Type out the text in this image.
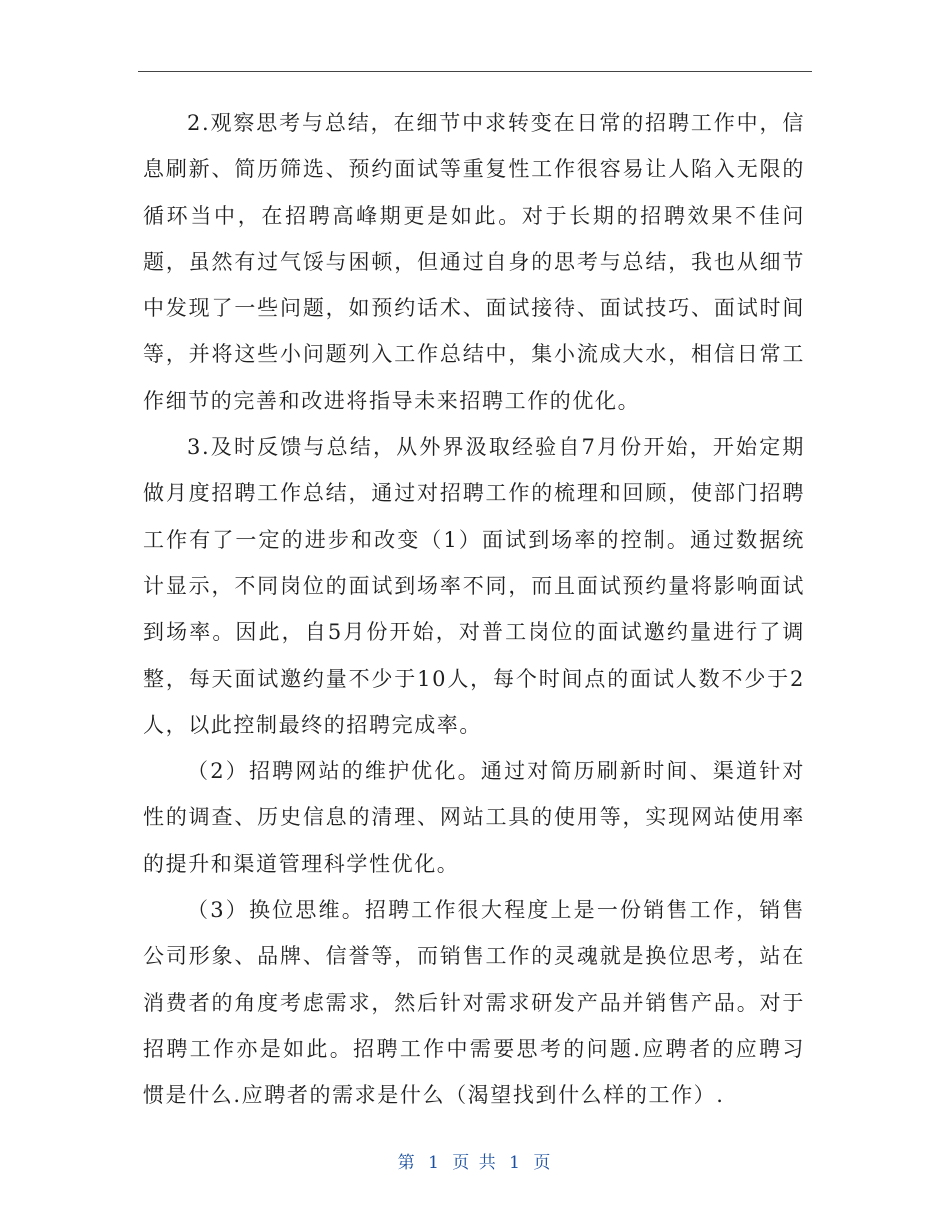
2.观察思考与总结，在细节中求转变在日常的招聘工作中，信息刷新、简历筛选、预约面试等重复性工作很容易让人陷入无限的循环当中，在招聘高峰期更是如此。对于长期的招聘效果不佳问题，虽然有过气馁与困顿，但通过自身的思考与总结，我也从细节中发现了一些问题，如预约话术、面试接待、面试技巧、面试时间等，并将这些小问题列入工作总结中，集小流成大水，相信日常工作细节的完善和改进将指导未来招聘工作的优化。

3.及时反馈与总结，从外界汲取经验自7月份开始，开始定期做月度招聘工作总结，通过对招聘工作的梳理和回顾，使部门招聘工作有了一定的进步和改变（1）面试到场率的控制。通过数据统计显示，不同岗位的面试到场率不同，而且面试预约量将影响面试到场率。因此，自5月份开始，对普工岗位的面试邀约量进行了调整，每天面试邀约量不少于10人，每个时间点的面试人数不少于2人，以此控制最终的招聘完成率。

（2）招聘网站的维护优化。通过对简历刷新时间、渠道针对性的调查、历史信息的清理、网站工具的使用等，实现网站使用率的提升和渠道管理科学性优化。

（3）换位思维。招聘工作很大程度上是一份销售工作，销售公司形象、品牌、信誉等，而销售工作的灵魂就是换位思考，站在消费者的角度考虑需求，然后针对需求研发产品并销售产品。对于招聘工作亦是如此。招聘工作中需要思考的问题.应聘者的应聘习惯是什么.应聘者的需求是什么（渴望找到什么样的工作）.

第 1 页 共 1 页
